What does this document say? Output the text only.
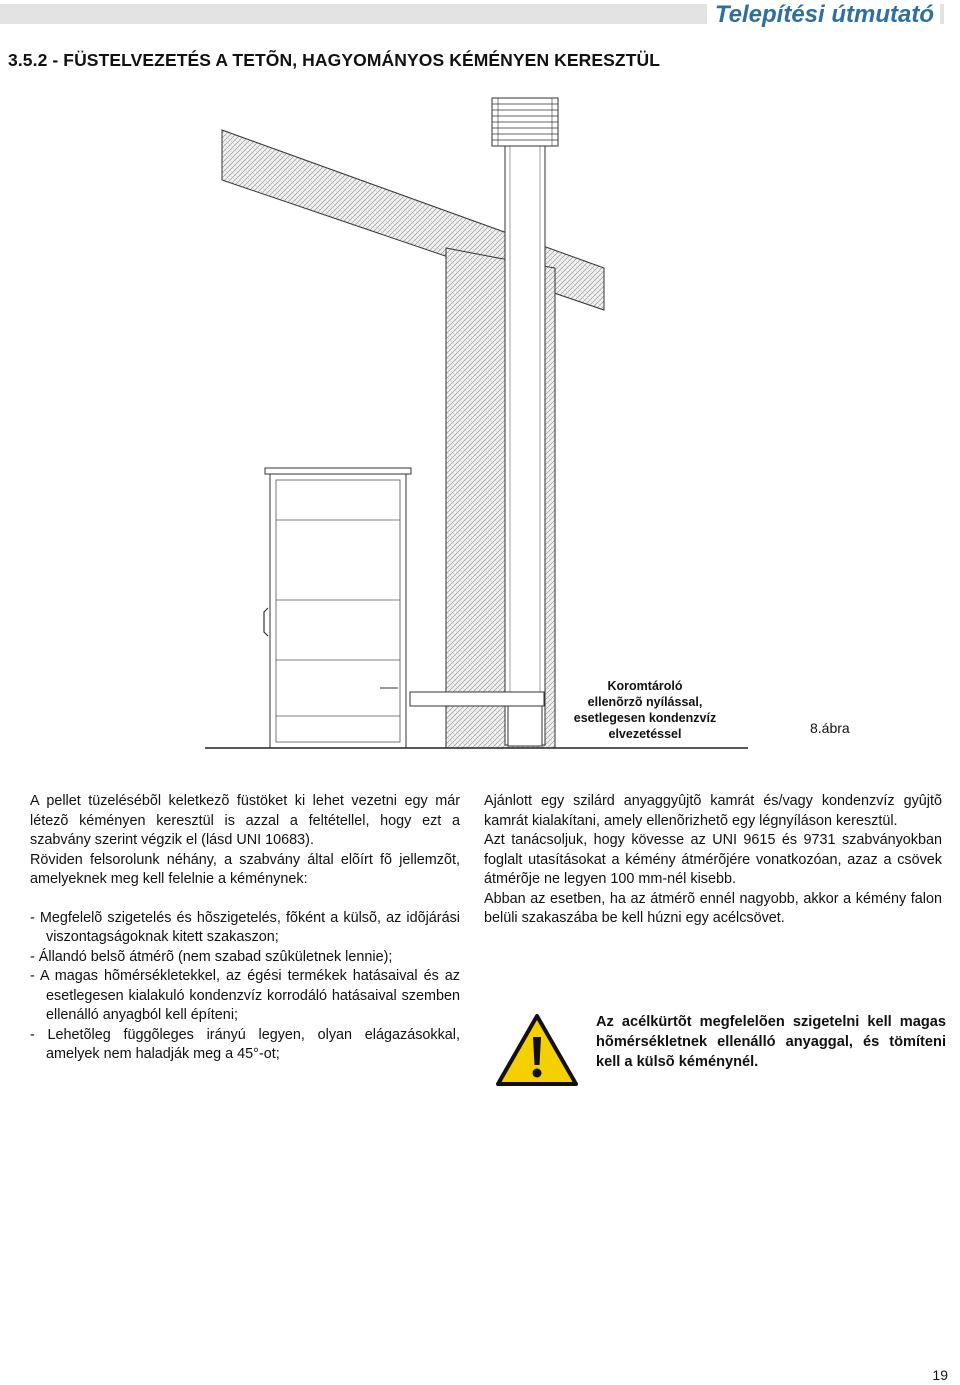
Telepítési útmutató
3.5.2 - FÜSTELVEZETÉS A TETÕN, HAGYOMÁNYOS KÉMÉNYEN KERESZTÜL
Koromtároló
ellenõrzõ nyílással,
esetlegesen kondenzvíz
elvezetéssel	8.ábra

A pellet tüzelésébõl keletkezõ füstöket ki lehet vezetni egy már létezõ kéményen keresztül is azzal a feltétellel, hogy ezt a szabvány szerint végzik el (lásd UNI 10683).

Röviden felsorolunk néhány, a szabvány által elõírt fõ jellemzõt, amelyeknek meg kell felelnie a kéménynek:

- Megfelelõ szigetelés és hõszigetelés, fõként a külsõ, az idõjárási viszontagságoknak kitett szakaszon;

- Állandó belsõ átmérõ (nem szabad szûkületnek lennie);

- A magas hõmérsékletekkel, az égési termékek hatásaival és az esetlegesen kialakuló kondenzvíz korrodáló hatásaival szemben ellenálló anyagból kell építeni;

- Lehetõleg függõleges irányú legyen, olyan elágazásokkal, amelyek nem haladják meg a 45°-ot;

Ajánlott egy szilárd anyaggyûjtõ kamrát és/vagy kondenzvíz gyûjtõ kamrát kialakítani, amely ellenõrizhetõ egy légnyíláson keresztül.

Azt tanácsoljuk, hogy kövesse az UNI 9615 és 9731 szabványokban foglalt utasításokat a kémény átmérõjére vonatkozóan, azaz a csövek átmérõje ne legyen 100 mm-nél kisebb.

Abban az esetben, ha az átmérõ ennél nagyobb, akkor a kémény falon belüli szakaszába be kell húzni egy acélcsövet.

Az acélkürtõt megfelelõen szigetelni kell magas hõmérsékletnek ellenálló anyaggal, és tömíteni kell a külsõ kéménynél.
19
